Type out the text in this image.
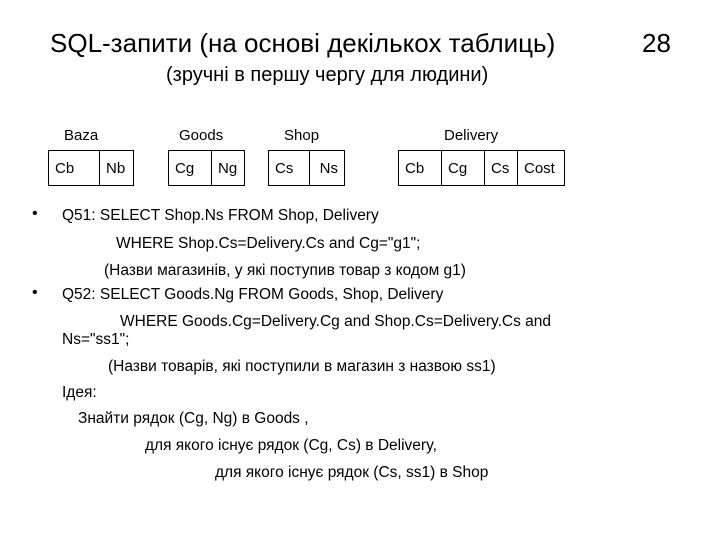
SQL-запити (на основі декількох таблиць)	28
(зручні в першу чергу для людини)
Baza	Goods	Shop	Delivery
Cb	Nb	Cg	Ng	Cs	Ns	Cb	Cg	Cs	Cost
• Q51: SELECT Shop.Ns FROM Shop, Delivery
WHERE Shop.Cs=Delivery.Cs and Cg="g1";
(Назви магазинів, у які поступив товар з кодом g1)
• Q52: SELECT Goods.Ng FROM Goods, Shop, Delivery
WHERE Goods.Cg=Delivery.Cg and Shop.Cs=Delivery.Cs and
Ns="ss1";
(Назви товарів, які поступили в магазин з назвою ss1)
Ідея:
Знайти рядок (Cg, Ng) в Goods ,
для якого існує рядок (Cg, Cs) в Delivery,
для якого існує рядок (Cs, ss1) в Shop
